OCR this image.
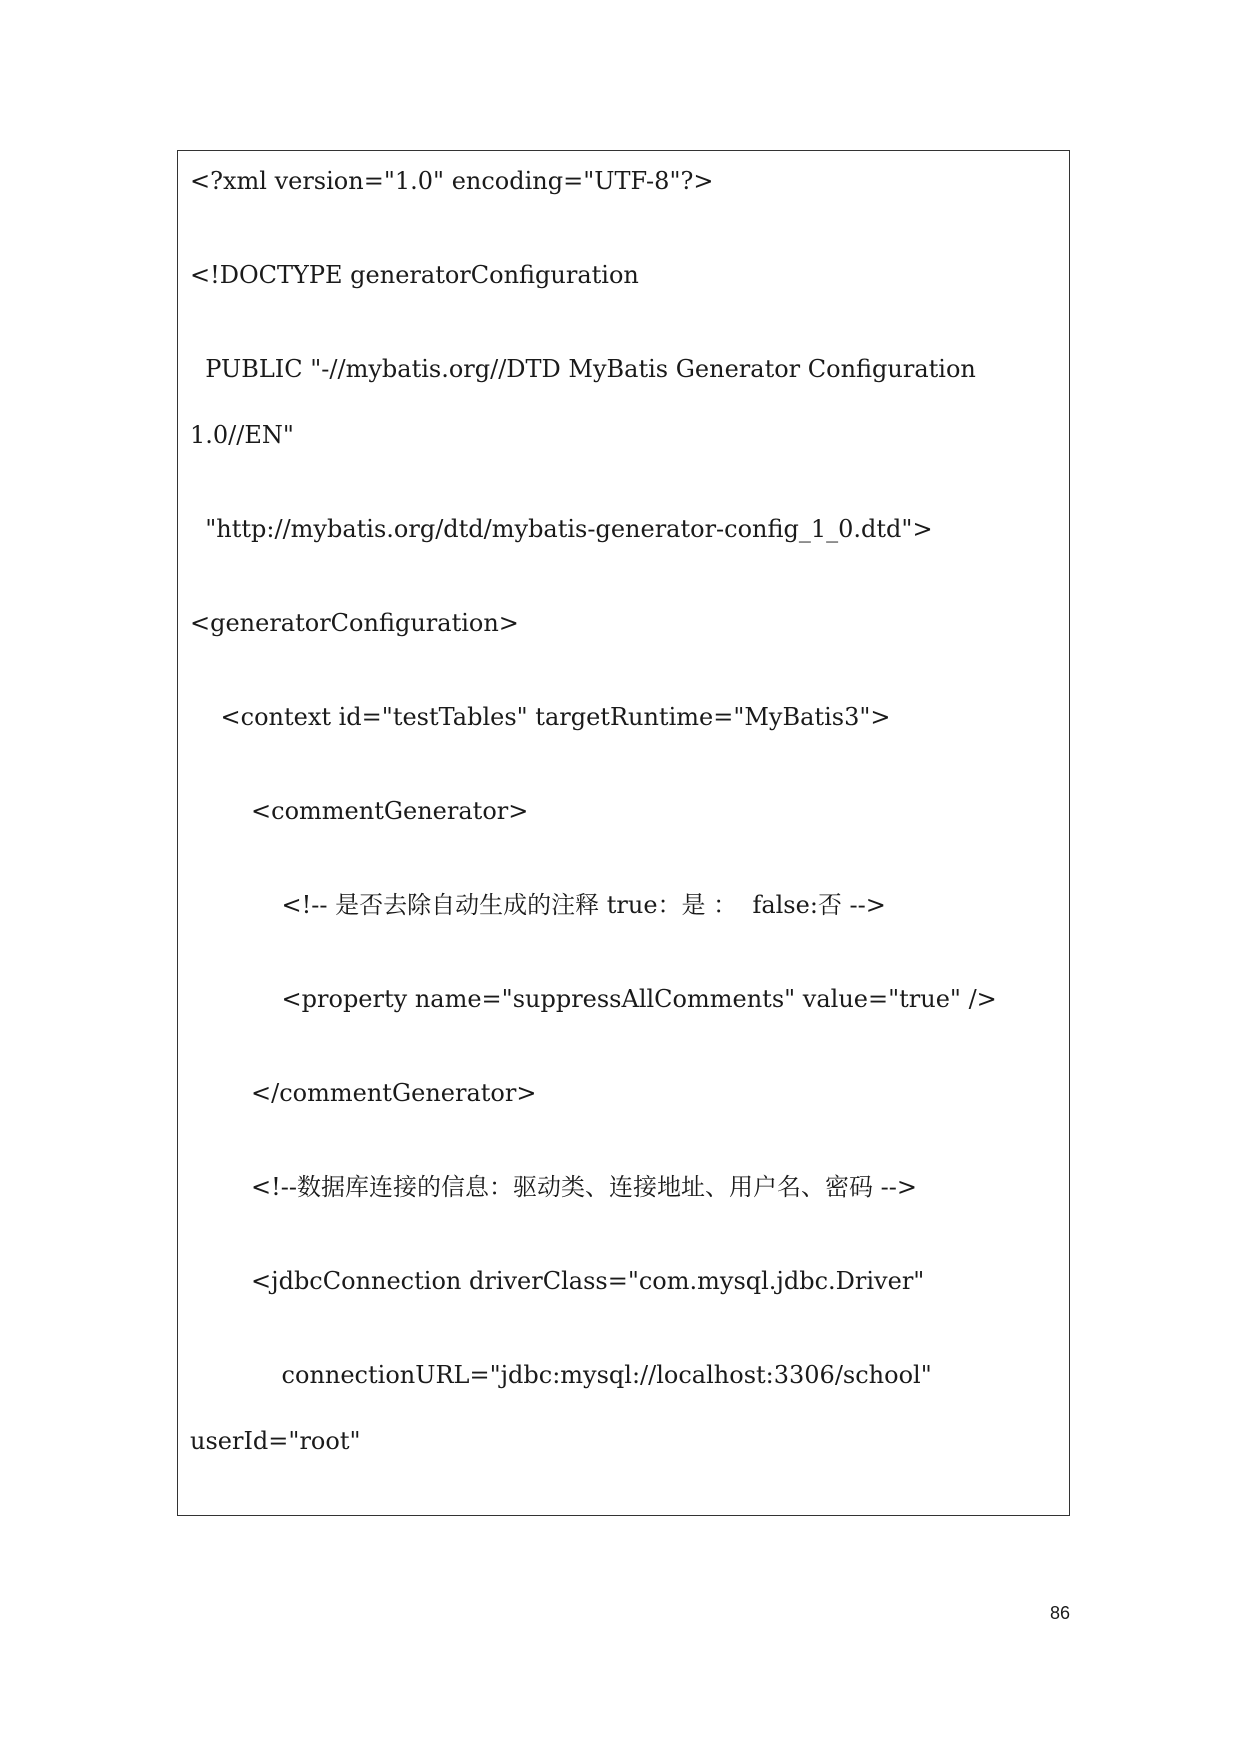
<?xml version="1.0" encoding="UTF-8"?>
<!DOCTYPE generatorConfiguration
PUBLIC "-//mybatis.org//DTD MyBatis Generator Configuration
1.0//EN"
"http://mybatis.org/dtd/mybatis-generator-config_1_0.dtd">
<generatorConfiguration>
<context id="testTables" targetRuntime="MyBatis3">
<commentGenerator>
<!-- 是否去除自动生成的注释 true：是 ：  false:否 -->
<property name="suppressAllComments" value="true" />
</commentGenerator>
<!--数据库连接的信息：驱动类、连接地址、用户名、密码 -->
<jdbcConnection driverClass="com.mysql.jdbc.Driver"
connectionURL="jdbc:mysql://localhost:3306/school"
userId="root"
86
